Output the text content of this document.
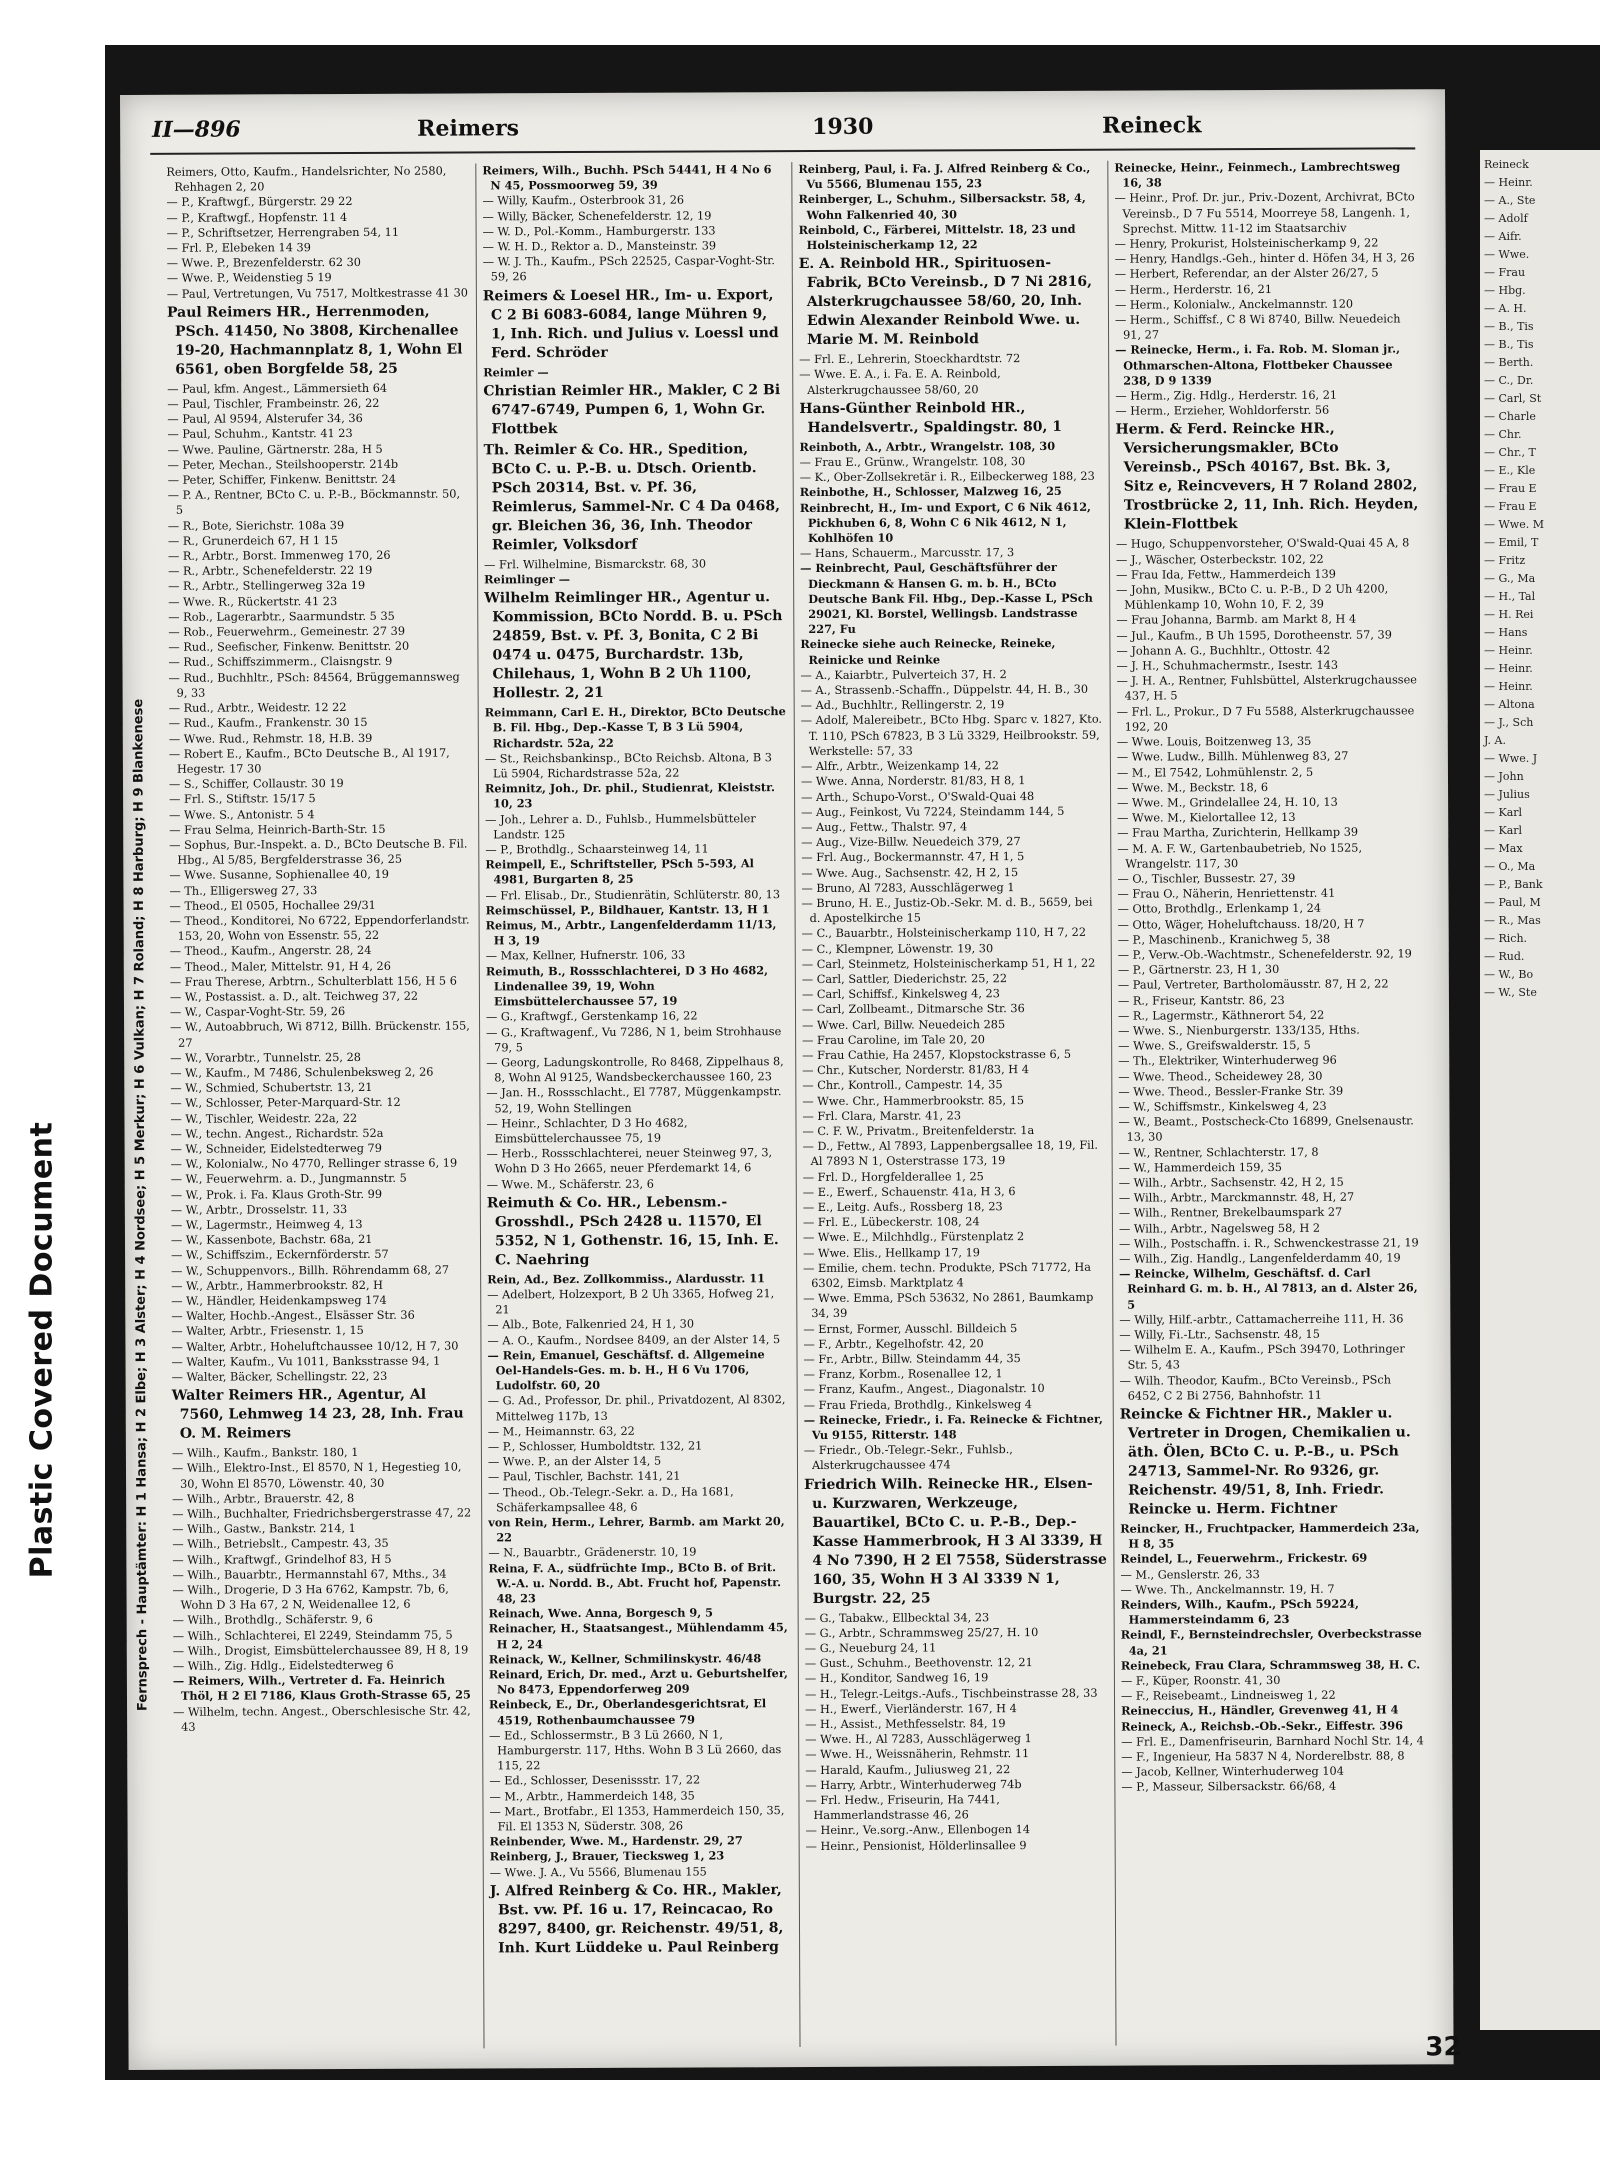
Plastic Covered Document
Reineck
— Heinr.
— A., Ste
— Adolf
— Aifr.
— Wwe.
— Frau
— Hbg.
— A. H.
— B., Tis
— B., Tis
— Berth.
— C., Dr.
— Carl, St
— Charle
— Chr.
— Chr., T
— E., Kle
— Frau E
— Frau E
— Wwe. M
— Emil, T
— Fritz
— G., Ma
— H., Tal
— H. Rei
— Hans
— Heinr.
— Heinr.
— Heinr.
— Altona
— J., Sch
J. A.
— Wwe. J
— John
— Julius
— Karl
— Karl
— Max
— O., Ma
— P., Bank
— Paul, M
— R., Mas
— Rich.
— Rud.
— W., Bo
— W., Ste
II—896	Reimers	1930	Reineck
Fernsprech - Hauptämter: H 1 Hansa; H 2 Elbe; H 3 Alster; H 4 Nordsee; H 5 Merkur; H 6 Vulkan; H 7 Roland; H 8 Harburg; H 9 Blankenese

Reimers, Otto, Kaufm., Handelsrichter, No 2580, Rehhagen 2, 20

— P., Kraftwgf., Bürgerstr. 29 22

— P., Kraftwgf., Hopfenstr. 11 4

— P., Schriftsetzer, Herrengraben 54, 11

— Frl. P., Elebeken 14 39

— Wwe. P., Brezenfelderstr. 62 30

— Wwe. P., Weidenstieg 5 19

— Paul, Vertretungen, Vu 7517, Moltkestrasse 41 30

Paul Reimers HR., Herrenmoden, PSch. 41450, No 3808, Kirchenallee 19-20, Hachmannplatz 8, 1, Wohn El 6561, oben Borgfelde 58, 25

— Paul, kfm. Angest., Lämmersieth 64

— Paul, Tischler, Frambeinstr. 26, 22

— Paul, Al 9594, Alsterufer 34, 36

— Paul, Schuhm., Kantstr. 41 23

— Wwe. Pauline, Gärtnerstr. 28a, H 5

— Peter, Mechan., Steilshooperstr. 214b

— Peter, Schiffer, Finkenw. Benittstr. 24

— P. A., Rentner, BCto C. u. P.-B., Böckmannstr. 50, 5

— R., Bote, Sierichstr. 108a 39

— R., Grunerdeich 67, H 1 15

— R., Arbtr., Borst. Immenweg 170, 26

— R., Arbtr., Schenefelderstr. 22 19

— R., Arbtr., Stellingerweg 32a 19

— Wwe. R., Rückertstr. 41 23

— Rob., Lagerarbtr., Saarmundstr. 5 35

— Rob., Feuerwehrm., Gemeinestr. 27 39

— Rud., Seefischer, Finkenw. Benittstr. 20

— Rud., Schiffszimmerm., Claisngstr. 9

— Rud., Buchhltr., PSch: 84564, Brüggemannsweg 9, 33

— Rud., Arbtr., Weidestr. 12 22

— Rud., Kaufm., Frankenstr. 30 15

— Wwe. Rud., Rehmstr. 18, H.B. 39

— Robert E., Kaufm., BCto Deutsche B., Al 1917, Hegestr. 17 30

— S., Schiffer, Collaustr. 30 19

— Frl. S., Stiftstr. 15/17 5

— Wwe. S., Antonistr. 5 4

— Frau Selma, Heinrich-Barth-Str. 15

— Sophus, Bur.-Inspekt. a. D., BCto Deutsche B. Fil. Hbg., Al 5/85, Bergfelderstrasse 36, 25

— Wwe. Susanne, Sophienallee 40, 19

— Th., Elligersweg 27, 33

— Theod., El 0505, Hochallee 29/31

— Theod., Konditorei, No 6722, Eppendorferlandstr. 153, 20, Wohn von Essenstr. 55, 22

— Theod., Kaufm., Angerstr. 28, 24

— Theod., Maler, Mittelstr. 91, H 4, 26

— Frau Therese, Arbtrn., Schulterblatt 156, H 5 6

— W., Postassist. a. D., alt. Teichweg 37, 22

— W., Caspar-Voght-Str. 59, 26

— W., Autoabbruch, Wi 8712, Billh. Brückenstr. 155, 27

— W., Vorarbtr., Tunnelstr. 25, 28

— W., Kaufm., M 7486, Schulenbeksweg 2, 26

— W., Schmied, Schubertstr. 13, 21

— W., Schlosser, Peter-Marquard-Str. 12

— W., Tischler, Weidestr. 22a, 22

— W., techn. Angest., Richardstr. 52a

— W., Schneider, Eidelstedterweg 79

— W., Kolonialw., No 4770, Rellinger strasse 6, 19

— W., Feuerwehrm. a. D., Jungmannstr. 5

— W., Prok. i. Fa. Klaus Groth-Str. 99

— W., Arbtr., Drosselstr. 11, 33

— W., Lagermstr., Heimweg 4, 13

— W., Kassenbote, Bachstr. 68a, 21

— W., Schiffszim., Eckernförderstr. 57

— W., Schuppenvors., Billh. Röhrendamm 68, 27

— W., Arbtr., Hammerbrookstr. 82, H

— W., Händler, Heidenkampsweg 174

— Walter, Hochb.-Angest., Elsässer Str. 36

— Walter, Arbtr., Friesenstr. 1, 15

— Walter, Arbtr., Hoheluftchaussee 10/12, H 7, 30

— Walter, Kaufm., Vu 1011, Banksstrasse 94, 1

— Walter, Bäcker, Schellingstr. 22, 23

Walter Reimers HR., Agentur, Al 7560, Lehmweg 14 23, 28, Inh. Frau O. M. Reimers

— Wilh., Kaufm., Bankstr. 180, 1

— Wilh., Elektro-Inst., El 8570, N 1, Hegestieg 10, 30, Wohn El 8570, Löwenstr. 40, 30

— Wilh., Arbtr., Brauerstr. 42, 8

— Wilh., Buchhalter, Friedrichsbergerstrasse 47, 22

— Wilh., Gastw., Bankstr. 214, 1

— Wilh., Betriebslt., Campestr. 43, 35

— Wilh., Kraftwgf., Grindelhof 83, H 5

— Wilh., Bauarbtr., Hermannstahl 67, Mths., 34

— Wilh., Drogerie, D 3 Ha 6762, Kampstr. 7b, 6, Wohn D 3 Ha 67, 2 N, Weidenallee 12, 6

— Wilh., Brothdlg., Schäferstr. 9, 6

— Wilh., Schlachterei, El 2249, Steindamm 75, 5

— Wilh., Drogist, Eimsbüttelerchaussee 89, H 8, 19

— Wilh., Zig. Hdlg., Eidelstedterweg 6

— Reimers, Wilh., Vertreter d. Fa. Heinrich Thöl, H 2 El 7186, Klaus Groth-Strasse 65, 25

— Wilhelm, techn. Angest., Oberschlesische Str. 42, 43

Reimers, Wilh., Buchh. PSch 54441, H 4 No 6 N 45, Possmoorweg 59, 39

— Willy, Kaufm., Osterbrook 31, 26

— Willy, Bäcker, Schenefelderstr. 12, 19

— W. D., Pol.-Komm., Hamburgerstr. 133

— W. H. D., Rektor a. D., Mansteinstr. 39

— W. J. Th., Kaufm., PSch 22525, Caspar-Voght-Str. 59, 26

Reimers & Loesel HR., Im- u. Export, C 2 Bi 6083-6084, lange Mühren 9, 1, Inh. Rich. und Julius v. Loessl und Ferd. Schröder

Reimler —

Christian Reimler HR., Makler, C 2 Bi 6747-6749, Pumpen 6, 1, Wohn Gr. Flottbek

Th. Reimler & Co. HR., Spedition, BCto C. u. P.-B. u. Dtsch. Orientb. PSch 20314, Bst. v. Pf. 36, Reimlerus, Sammel-Nr. C 4 Da 0468, gr. Bleichen 36, 36, Inh. Theodor Reimler, Volksdorf

— Frl. Wilhelmine, Bismarckstr. 68, 30

Reimlinger —

Wilhelm Reimlinger HR., Agentur u. Kommission, BCto Nordd. B. u. PSch 24859, Bst. v. Pf. 3, Bonita, C 2 Bi 0474 u. 0475, Burchardstr. 13b, Chilehaus, 1, Wohn B 2 Uh 1100, Hollestr. 2, 21

Reimmann, Carl E. H., Direktor, BCto Deutsche B. Fil. Hbg., Dep.-Kasse T, B 3 Lü 5904, Richardstr. 52a, 22

— St., Reichsbankinsp., BCto Reichsb. Altona, B 3 Lü 5904, Richardstrasse 52a, 22

Reimnitz, Joh., Dr. phil., Studienrat, Kleiststr. 10, 23

— Joh., Lehrer a. D., Fuhlsb., Hummelsbütteler Landstr. 125

— P., Brothdlg., Schaarsteinweg 14, 11

Reimpell, E., Schriftsteller, PSch 5-593, Al 4981, Burgarten 8, 25

— Frl. Elisab., Dr., Studienrätin, Schlüterstr. 80, 13

Reimschüssel, P., Bildhauer, Kantstr. 13, H 1

Reimus, M., Arbtr., Langenfelderdamm 11/13, H 3, 19

— Max, Kellner, Hufnerstr. 106, 33

Reimuth, B., Rossschlachterei, D 3 Ho 4682, Lindenallee 39, 19, Wohn Eimsbüttelerchaussee 57, 19

— G., Kraftwgf., Gerstenkamp 16, 22

— G., Kraftwagenf., Vu 7286, N 1, beim Strohhause 79, 5

— Georg, Ladungskontrolle, Ro 8468, Zippelhaus 8, 8, Wohn Al 9125, Wandsbeckerchaussee 160, 23

— Jan. H., Rossschlacht., El 7787, Müggenkampstr. 52, 19, Wohn Stellingen

— Heinr., Schlachter, D 3 Ho 4682, Eimsbüttelerchaussee 75, 19

— Herb., Rossschlachterei, neuer Steinweg 97, 3, Wohn D 3 Ho 2665, neuer Pferdemarkt 14, 6

— Wwe. M., Schäferstr. 23, 6

Reimuth & Co. HR., Lebensm.-Grosshdl., PSch 2428 u. 11570, El 5352, N 1, Gothenstr. 16, 15, Inh. E. C. Naehring

Rein, Ad., Bez. Zollkommiss., Alardusstr. 11

— Adelbert, Holzexport, B 2 Uh 3365, Hofweg 21, 21

— Alb., Bote, Falkenried 24, H 1, 30

— A. O., Kaufm., Nordsee 8409, an der Alster 14, 5

— Rein, Emanuel, Geschäftsf. d. Allgemeine Oel-Handels-Ges. m. b. H., H 6 Vu 1706, Ludolfstr. 60, 20

— G. Ad., Professor, Dr. phil., Privatdozent, Al 8302, Mittelweg 117b, 13

— M., Heimannstr. 63, 22

— P., Schlosser, Humboldtstr. 132, 21

— Wwe. P., an der Alster 14, 5

— Paul, Tischler, Bachstr. 141, 21

— Theod., Ob.-Telegr.-Sekr. a. D., Ha 1681, Schäferkampsallee 48, 6

von Rein, Herm., Lehrer, Barmb. am Markt 20, 22

— N., Bauarbtr., Grädenerstr. 10, 19

Reina, F. A., südfrüchte Imp., BCto B. of Brit. W.-A. u. Nordd. B., Abt. Frucht hof, Papenstr. 48, 23

Reinach, Wwe. Anna, Borgesch 9, 5

Reinacher, H., Staatsangest., Mühlendamm 45, H 2, 24

Reinack, W., Kellner, Schmilinskystr. 46/48

Reinard, Erich, Dr. med., Arzt u. Geburtshelfer, No 8473, Eppendorferweg 209

Reinbeck, E., Dr., Oberlandesgerichtsrat, El 4519, Rothenbaumchaussee 79

— Ed., Schlossermstr., B 3 Lü 2660, N 1, Hamburgerstr. 117, Hths. Wohn B 3 Lü 2660, das 115, 22

— Ed., Schlosser, Desenissstr. 17, 22

— M., Arbtr., Hammerdeich 148, 35

— Mart., Brotfabr., El 1353, Hammerdeich 150, 35, Fil. El 1353 N, Süderstr. 308, 26

Reinbender, Wwe. M., Hardenstr. 29, 27

Reinberg, J., Brauer, Tiecksweg 1, 23

— Wwe. J. A., Vu 5566, Blumenau 155

J. Alfred Reinberg & Co. HR., Makler, Bst. vw. Pf. 16 u. 17, Reincacao, Ro 8297, 8400, gr. Reichenstr. 49/51, 8, Inh. Kurt Lüddeke u. Paul Reinberg

Reinberg, Paul, i. Fa. J. Alfred Reinberg & Co., Vu 5566, Blumenau 155, 23

Reinberger, L., Schuhm., Silbersackstr. 58, 4, Wohn Falkenried 40, 30

Reinbold, C., Färberei, Mittelstr. 18, 23 und Holsteinischerkamp 12, 22

E. A. Reinbold HR., Spirituosen-Fabrik, BCto Vereinsb., D 7 Ni 2816, Alsterkrugchaussee 58/60, 20, Inh. Edwin Alexander Reinbold Wwe. u. Marie M. M. Reinbold

— Frl. E., Lehrerin, Stoeckhardtstr. 72

— Wwe. E. A., i. Fa. E. A. Reinbold, Alsterkrugchaussee 58/60, 20

Hans-Günther Reinbold HR., Handelsvertr., Spaldingstr. 80, 1

Reinboth, A., Arbtr., Wrangelstr. 108, 30

— Frau E., Grünw., Wrangelstr. 108, 30

— K., Ober-Zollsekretär i. R., Eilbeckerweg 188, 23

Reinbothe, H., Schlosser, Malzweg 16, 25

Reinbrecht, H., Im- und Export, C 6 Nik 4612, Pickhuben 6, 8, Wohn C 6 Nik 4612, N 1, Kohlhöfen 10

— Hans, Schauerm., Marcusstr. 17, 3

— Reinbrecht, Paul, Geschäftsführer der Dieckmann & Hansen G. m. b. H., BCto Deutsche Bank Fil. Hbg., Dep.-Kasse L, PSch 29021, Kl. Borstel, Wellingsb. Landstrasse 227, Fu

Reinecke siehe auch Reinecke, Reineke, Reinicke und Reinke

— A., Kaiarbtr., Pulverteich 37, H. 2

— A., Strassenb.-Schaffn., Düppelstr. 44, H. B., 30

— Ad., Buchhltr., Rellingerstr. 2, 19

— Adolf, Malereibetr., BCto Hbg. Sparc v. 1827, Kto. T. 110, PSch 67823, B 3 Lü 3329, Heilbrookstr. 59, Werkstelle: 57, 33

— Alfr., Arbtr., Weizenkamp 14, 22

— Wwe. Anna, Norderstr. 81/83, H 8, 1

— Arth., Schupo-Vorst., O'Swald-Quai 48

— Aug., Feinkost, Vu 7224, Steindamm 144, 5

— Aug., Fettw., Thalstr. 97, 4

— Aug., Vize-Billw. Neuedeich 379, 27

— Frl. Aug., Bockermannstr. 47, H 1, 5

— Wwe. Aug., Sachsenstr. 42, H 2, 15

— Bruno, Al 7283, Ausschlägerweg 1

— Bruno, H. E., Justiz-Ob.-Sekr. M. d. B., 5659, bei d. Apostelkirche 15

— C., Bauarbtr., Holsteinischerkamp 110, H 7, 22

— C., Klempner, Löwenstr. 19, 30

— Carl, Steinmetz, Holsteinischerkamp 51, H 1, 22

— Carl, Sattler, Diederichstr. 25, 22

— Carl, Schiffsf., Kinkelsweg 4, 23

— Carl, Zollbeamt., Ditmarsche Str. 36

— Wwe. Carl, Billw. Neuedeich 285

— Frau Caroline, im Tale 20, 20

— Frau Cathie, Ha 2457, Klopstockstrasse 6, 5

— Chr., Kutscher, Norderstr. 81/83, H 4

— Chr., Kontroll., Campestr. 14, 35

— Wwe. Chr., Hammerbrookstr. 85, 15

— Frl. Clara, Marstr. 41, 23

— C. F. W., Privatm., Breitenfelderstr. 1a

— D., Fettw., Al 7893, Lappenbergsallee 18, 19, Fil. Al 7893 N 1, Osterstrasse 173, 19

— Frl. D., Horgfelderallee 1, 25

— E., Ewerf., Schauenstr. 41a, H 3, 6

— E., Leitg. Aufs., Rossberg 18, 23

— Frl. E., Lübeckerstr. 108, 24

— Wwe. E., Milchhdlg., Fürstenplatz 2

— Wwe. Elis., Hellkamp 17, 19

— Emilie, chem. techn. Produkte, PSch 71772, Ha 6302, Eimsb. Marktplatz 4

— Wwe. Emma, PSch 53632, No 2861, Baumkamp 34, 39

— Ernst, Former, Ausschl. Billdeich 5

— F., Arbtr., Kegelhofstr. 42, 20

— Fr., Arbtr., Billw. Steindamm 44, 35

— Franz, Korbm., Rosenallee 12, 1

— Franz, Kaufm., Angest., Diagonalstr. 10

— Frau Frieda, Brothdlg., Kinkelsweg 4

— Reinecke, Friedr., i. Fa. Reinecke & Fichtner, Vu 9155, Ritterstr. 148

— Friedr., Ob.-Telegr.-Sekr., Fuhlsb., Alsterkrugchaussee 474

Friedrich Wilh. Reinecke HR., Elsen- u. Kurzwaren, Werkzeuge, Bauartikel, BCto C. u. P.-B., Dep.-Kasse Hammerbrook, H 3 Al 3339, H 4 No 7390, H 2 El 7558, Süderstrasse 160, 35, Wohn H 3 Al 3339 N 1, Burgstr. 22, 25

— G., Tabakw., Ellbecktal 34, 23

— G., Arbtr., Schrammsweg 25/27, H. 10

— G., Neueburg 24, 11

— Gust., Schuhm., Beethovenstr. 12, 21

— H., Konditor, Sandweg 16, 19

— H., Telegr.-Leitgs.-Aufs., Tischbeinstrasse 28, 33

— H., Ewerf., Vierländerstr. 167, H 4

— H., Assist., Methfesselstr. 84, 19

— Wwe. H., Al 7283, Ausschlägerweg 1

— Wwe. H., Weissnäherin, Rehmstr. 11

— Harald, Kaufm., Juliusweg 21, 22

— Harry, Arbtr., Winterhuderweg 74b

— Frl. Hedw., Friseurin, Ha 7441, Hammerlandstrasse 46, 26

— Heinr., Ve.sorg.-Anw., Ellenbogen 14

— Heinr., Pensionist, Hölderlinsallee 9

Reinecke, Heinr., Feinmech., Lambrechtsweg 16, 38

— Heinr., Prof. Dr. jur., Priv.-Dozent, Archivrat, BCto Vereinsb., D 7 Fu 5514, Moorreye 58, Langenh. 1, Sprechst. Mittw. 11-12 im Staatsarchiv

— Henry, Prokurist, Holsteinischerkamp 9, 22

— Henry, Handlgs.-Geh., hinter d. Höfen 34, H 3, 26

— Herbert, Referendar, an der Alster 26/27, 5

— Herm., Herderstr. 16, 21

— Herm., Kolonialw., Anckelmannstr. 120

— Herm., Schiffsf., C 8 Wi 8740, Billw. Neuedeich 91, 27

— Reinecke, Herm., i. Fa. Rob. M. Sloman jr., Othmarschen-Altona, Flottbeker Chaussee 238, D 9 1339

— Herm., Zig. Hdlg., Herderstr. 16, 21

— Herm., Erzieher, Wohldorferstr. 56

Herm. & Ferd. Reincke HR., Versicherungsmakler, BCto Vereinsb., PSch 40167, Bst. Bk. 3, Sitz e, Reincvevers, H 7 Roland 2802, Trostbrücke 2, 11, Inh. Rich. Heyden, Klein-Flottbek

— Hugo, Schuppenvorsteher, O'Swald-Quai 45 A, 8

— J., Wäscher, Osterbeckstr. 102, 22

— Frau Ida, Fettw., Hammerdeich 139

— John, Musikw., BCto C. u. P.-B., D 2 Uh 4200, Mühlenkamp 10, Wohn 10, F. 2, 39

— Frau Johanna, Barmb. am Markt 8, H 4

— Jul., Kaufm., B Uh 1595, Dorotheenstr. 57, 39

— Johann A. G., Buchhltr., Ottostr. 42

— J. H., Schuhmachermstr., Isestr. 143

— J. H. A., Rentner, Fuhlsbüttel, Alsterkrugchaussee 437, H. 5

— Frl. L., Prokur., D 7 Fu 5588, Alsterkrugchaussee 192, 20

— Wwe. Louis, Boitzenweg 13, 35

— Wwe. Ludw., Billh. Mühlenweg 83, 27

— M., El 7542, Lohmühlenstr. 2, 5

— Wwe. M., Beckstr. 18, 6

— Wwe. M., Grindelallee 24, H. 10, 13

— Wwe. M., Kielortallee 12, 13

— Frau Martha, Zurichterin, Hellkamp 39

— M. A. F. W., Gartenbaubetrieb, No 1525, Wrangelstr. 117, 30

— O., Tischler, Bussestr. 27, 39

— Frau O., Näherin, Henriettenstr. 41

— Otto, Brothdlg., Erlenkamp 1, 24

— Otto, Wäger, Hoheluftchauss. 18/20, H 7

— P., Maschinenb., Kranichweg 5, 38

— P., Verw.-Ob.-Wachtmstr., Schenefelderstr. 92, 19

— P., Gärtnerstr. 23, H 1, 30

— Paul, Vertreter, Bartholomäusstr. 87, H 2, 22

— R., Friseur, Kantstr. 86, 23

— R., Lagermstr., Käthnerort 54, 22

— Wwe. S., Nienburgerstr. 133/135, Hths.

— Wwe. S., Greifswalderstr. 15, 5

— Th., Elektriker, Winterhuderweg 96

— Wwe. Theod., Scheidewey 28, 30

— Wwe. Theod., Bessler-Franke Str. 39

— W., Schiffsmstr., Kinkelsweg 4, 23

— W., Beamt., Postscheck-Cto 16899, Gnelsenaustr. 13, 30

— W., Rentner, Schlachterstr. 17, 8

— W., Hammerdeich 159, 35

— Wilh., Arbtr., Sachsenstr. 42, H 2, 15

— Wilh., Arbtr., Marckmannstr. 48, H, 27

— Wilh., Rentner, Brekelbaumspark 27

— Wilh., Arbtr., Nagelsweg 58, H 2

— Wilh., Postschaffn. i. R., Schwenckestrasse 21, 19

— Wilh., Zig. Handlg., Langenfelderdamm 40, 19

— Reincke, Wilhelm, Geschäftsf. d. Carl Reinhard G. m. b. H., Al 7813, an d. Alster 26, 5

— Willy, Hilf.-arbtr., Cattamacherreihe 111, H. 36

— Willy, Fi.-Ltr., Sachsenstr. 48, 15

— Wilhelm E. A., Kaufm., PSch 39470, Lothringer Str. 5, 43

— Wilh. Theodor, Kaufm., BCto Vereinsb., PSch 6452, C 2 Bi 2756, Bahnhofstr. 11

Reincke & Fichtner HR., Makler u. Vertreter in Drogen, Chemikalien u. äth. Ölen, BCto C. u. P.-B., u. PSch 24713, Sammel-Nr. Ro 9326, gr. Reichenstr. 49/51, 8, Inh. Friedr. Reincke u. Herm. Fichtner

Reincker, H., Fruchtpacker, Hammerdeich 23a, H 8, 35

Reindel, L., Feuerwehrm., Frickestr. 69

— M., Genslerstr. 26, 33

— Wwe. Th., Anckelmannstr. 19, H. 7

Reinders, Wilh., Kaufm., PSch 59224, Hammersteindamm 6, 23

Reindl, F., Bernsteindrechsler, Overbeckstrasse 4a, 21

Reinebeck, Frau Clara, Schrammsweg 38, H. C.

— F., Küper, Roonstr. 41, 30

— F., Reisebeamt., Lindneisweg 1, 22

Reineccius, H., Händler, Grevenweg 41, H 4

Reineck, A., Reichsb.-Ob.-Sekr., Eiffestr. 396

— Frl. E., Damenfriseurin, Barnhard Nochl Str. 14, 4

— F., Ingenieur, Ha 5837 N 4, Norderelbstr. 88, 8

— Jacob, Kellner, Winterhuderweg 104

— P., Masseur, Silbersackstr. 66/68, 4

32
